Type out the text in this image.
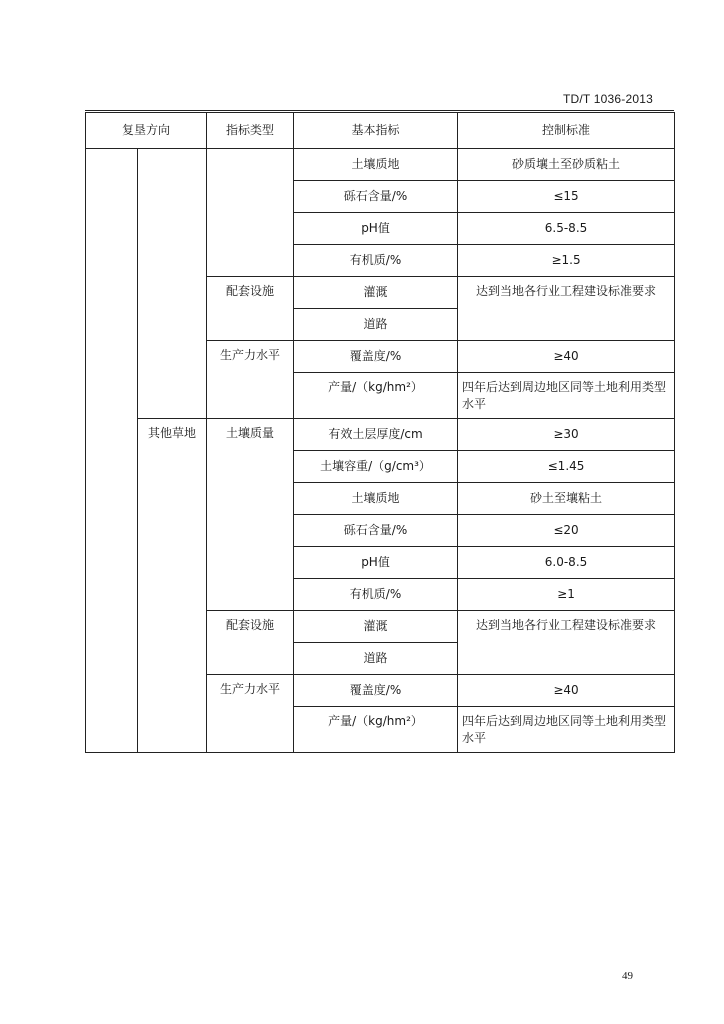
TD/T 1036-2013
复垦方向		指标类型	基本指标	控制标准
			土壤质地	砂质壤土至砂质粘土
			砾石含量/%	≤15
			pH值	6.5-8.5
			有机质/%	≥1.5
		配套设施	灌溉	达到当地各行业工程建设标准要求
			道路	
		生产力水平	覆盖度/%	≥40
			产量/（kg/hm²）	四年后达到周边地区同等土地利用类型水平
	其他草地	土壤质量	有效土层厚度/cm	≥30
			土壤容重/（g/cm³）	≤1.45
			土壤质地	砂土至壤粘土
			砾石含量/%	≤20
			pH值	6.0-8.5
			有机质/%	≥1
		配套设施	灌溉	达到当地各行业工程建设标准要求
			道路	
		生产力水平	覆盖度/%	≥40
			产量/（kg/hm²）	四年后达到周边地区同等土地利用类型水平
49
